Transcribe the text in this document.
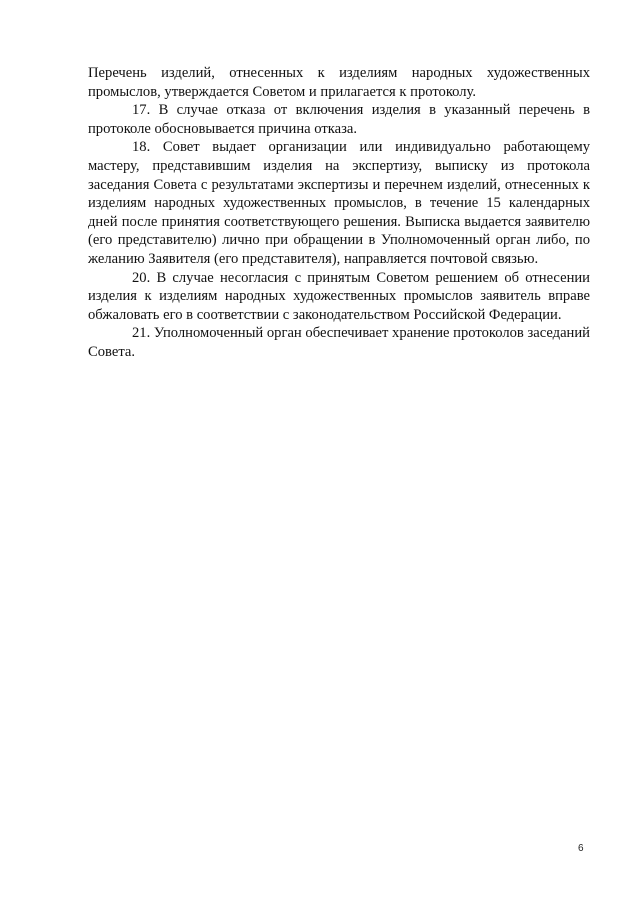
Перечень изделий, отнесенных к изделиям народных художественных промыслов, утверждается Советом и прилагается к протоколу.

17. В случае отказа от включения изделия в указанный перечень в протоколе обосновывается причина отказа.

18. Совет выдает организации или индивидуально работающему мастеру, представившим изделия на экспертизу, выписку из протокола заседания Совета с результатами экспертизы и перечнем изделий, отнесенных к изделиям народных художественных промыслов, в течение 15 календарных дней после принятия соответствующего решения. Выписка выдается заявителю (его представителю) лично при обращении в Уполномоченный орган либо, по желанию Заявителя (его представителя), направляется почтовой связью.

20. В случае несогласия с принятым Советом решением об отнесении изделия к изделиям народных художественных промыслов заявитель вправе обжаловать его в соответствии с законодательством Российской Федерации.

21. Уполномоченный орган обеспечивает хранение протоколов заседаний Совета.

6
